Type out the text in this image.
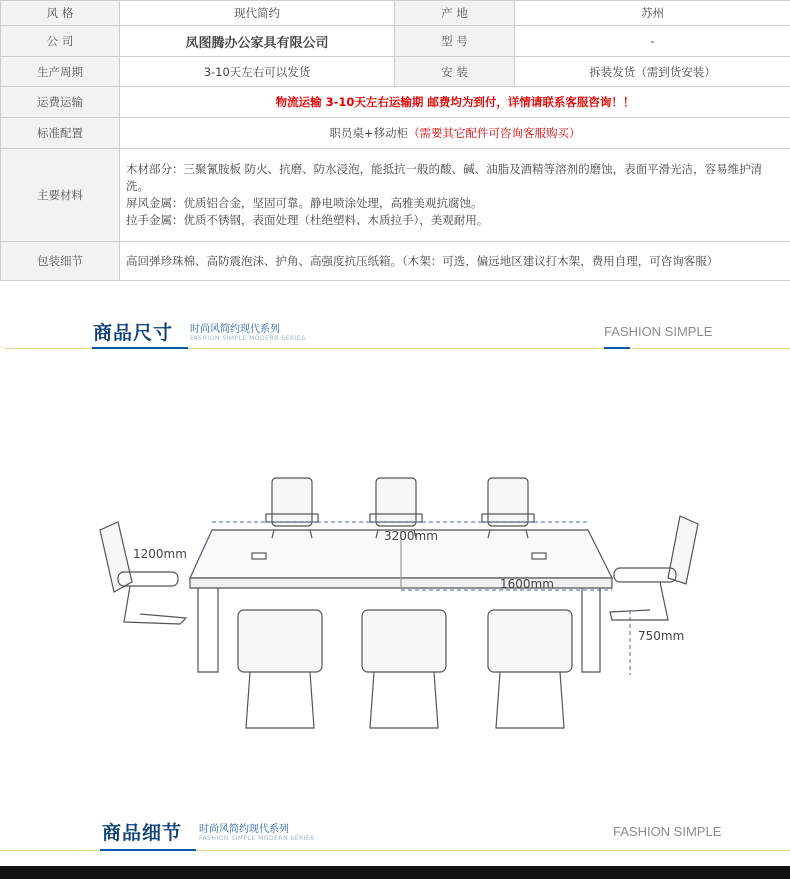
风 格	现代简约	产 地	苏州
公 司	凤图腾办公家具有限公司	型 号	-
生产周期	3-10天左右可以发货	安 装	拆装发货（需到货安装）
运费运输	物流运输 3-10天左右运输期 邮费均为到付，详情请联系客服咨询！！		
标准配置	职员桌+移动柜（需要其它配件可咨询客服购买）		
主要材料	木材部分：三聚氰胺板 防火、抗磨、防水浸泡，能抵抗一般的酸、碱、油脂及酒精等溶剂的磨蚀，表面平滑光洁，容易维护清洗。
屏风金属：优质铝合金，坚固可靠。静电喷涂处理，高雅美观抗腐蚀。
拉手金属：优质不锈钢，表面处理（杜绝塑料、木质拉手），美观耐用。		

包装细节	高回弹珍珠棉、高防震泡沫、护角、高强度抗压纸箱。（木架：可选，偏远地区建议打木架，费用自理，可咨询客服）		
商品尺寸 时尚风简约现代系列
FASHION SIMPLE MODERN SERIES	FASHION SIMPLE
3200mm
1200mm
1600mm
750mm
商品细节 时尚风简约现代系列
FASHION SIMPLE MODERN SERIES	FASHION SIMPLE
